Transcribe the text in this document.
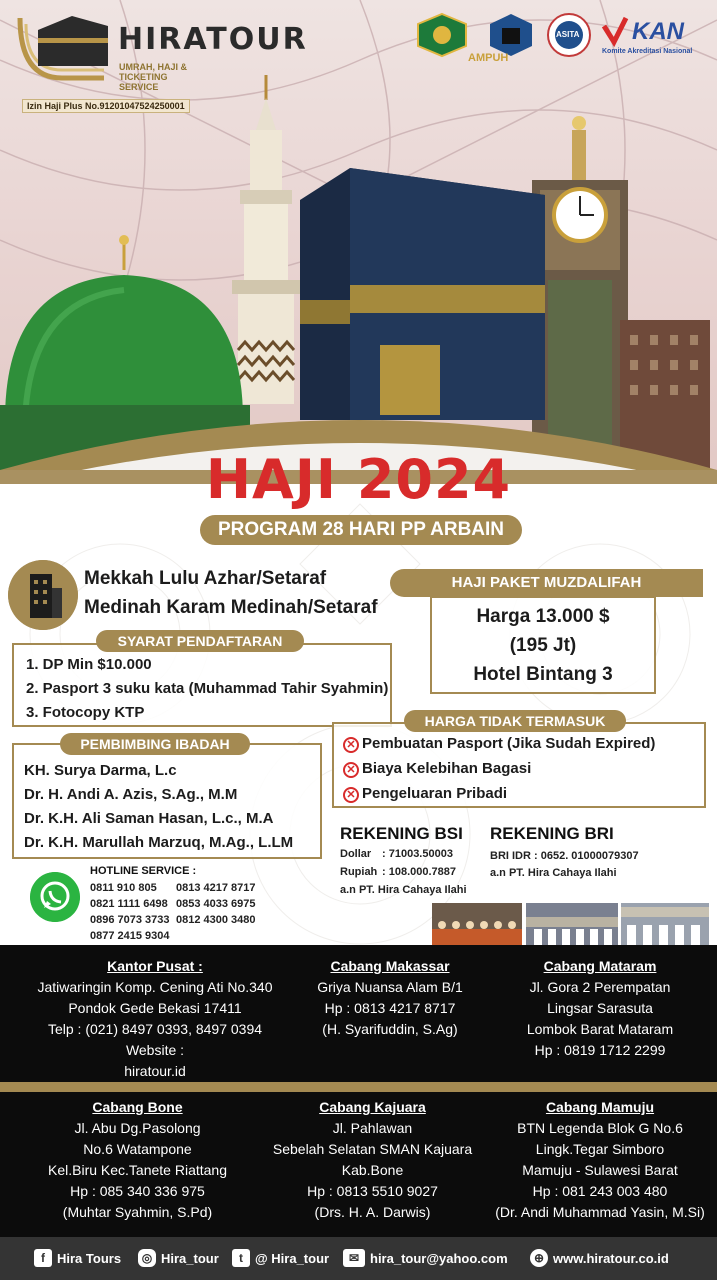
HIRATOUR
UMRAH, HAJI &
TICKETING
SERVICE
Izin Haji Plus No.91201047524250001
AMPUH
ASITA KAN
Komite Akreditasi Nasional
HAJI 2024
PROGRAM 28 HARI PP ARBAIN
Mekkah Lulu Azhar/Setaraf
Medinah Karam Medinah/Setaraf
SYARAT PENDAFTARAN
1. DP Min $10.000
2. Pasport 3 suku kata (Muhammad Tahir Syahmin)
3. Fotocopy KTP
PEMBIMBING IBADAH
KH. Surya Darma, L.c
Dr. H. Andi A. Azis, S.Ag., M.M
Dr. K.H. Ali Saman Hasan, L.c., M.A
Dr. K.H. Marullah Marzuq, M.Ag., L.LM
HAJI PAKET MUZDALIFAH
Harga 13.000 $
(195 Jt)
Hotel Bintang 3
HARGA TIDAK TERMASUK
✕ Pembuatan Pasport (Jika Sudah Expired)
✕ Biaya Kelebihan Bagasi
✕ Pengeluaran Pribadi
REKENING BSI
Dollar : 71003.50003
Rupiah : 108.000.7887
a.n PT. Hira Cahaya Ilahi
REKENING BRI
BRI IDR : 0652. 01000079307
a.n PT. Hira Cahaya Ilahi
HOTLINE SERVICE :
0811 910 805 0813 4217 8717
0821 1111 6498 0853 4033 6975
0896 7073 3733 0812 4300 3480
0877 2415 9304
Kantor Pusat :
Jatiwaringin Komp. Cening Ati No.340
Pondok Gede Bekasi 17411
Telp : (021) 8497 0393, 8497 0394
Website :
hiratour.id
Cabang Makassar
Griya Nuansa Alam B/1
Hp : 0813 4217 8717
(H. Syarifuddin, S.Ag)
Cabang Mataram
Jl. Gora 2 Perempatan
Lingsar Sarasuta
Lombok Barat Mataram
Hp : 0819 1712 2299
Cabang Bone
Jl. Abu Dg.Pasolong
No.6 Watampone
Kel.Biru Kec.Tanete Riattang
Hp : 085 340 336 975
(Muhtar Syahmin, S.Pd)
Cabang Kajuara
Jl. Pahlawan
Sebelah Selatan SMAN Kajuara
Kab.Bone
Hp : 0813 5510 9027
(Drs. H. A. Darwis)
Cabang Mamuju
BTN Legenda Blok G No.6
Lingk.Tegar Simboro
Mamuju - Sulawesi Barat
Hp : 081 243 003 480
(Dr. Andi Muhammad Yasin, M.Si)
f Hira Tours	◎ Hira_tour	t @ Hira_tour	✉ hira_tour@yahoo.com	⊕ www.hiratour.co.id
